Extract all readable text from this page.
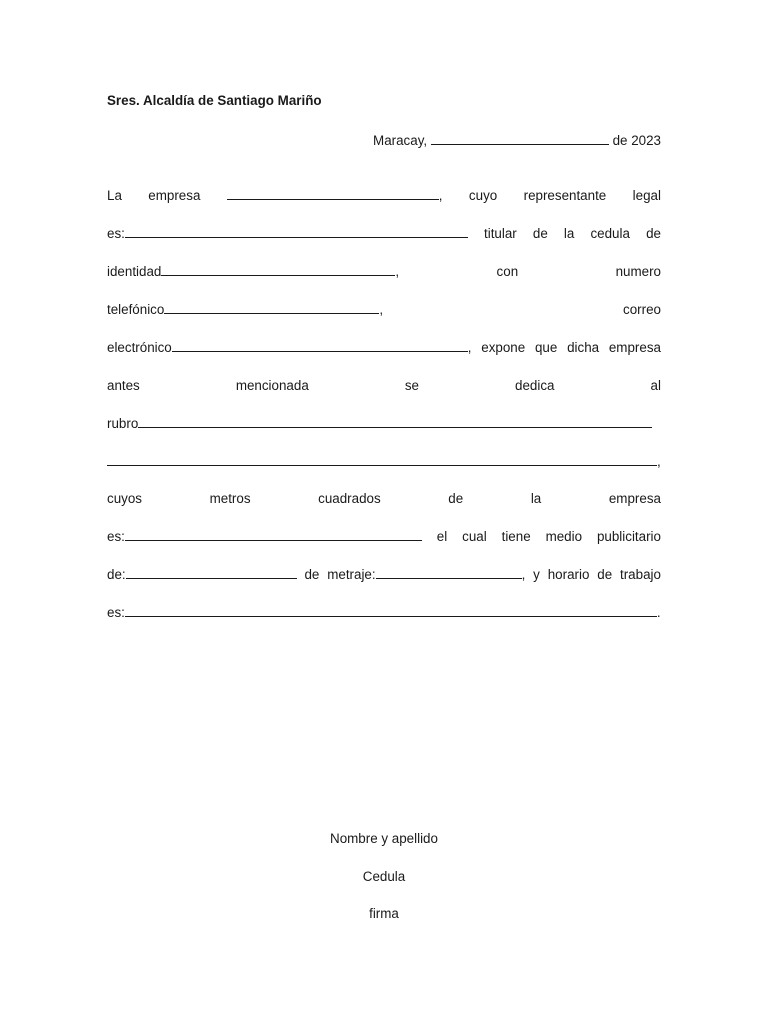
Sres. Alcaldía de Santiago Mariño
Maracay,	de 2023
La empresa	, cuyo representante legal
es:	titular de la cedula de
identidad	,	con	numero
telefónico	,	correo
electrónico	, expone que dicha empresa
antes	mencionada	se	dedica	al
rubro
,
cuyos	metros	cuadrados	de	la	empresa
es:	el cual tiene medio publicitario
de:	de metraje:	, y horario de trabajo
es:	.
Nombre y apellido
Cedula
firma
